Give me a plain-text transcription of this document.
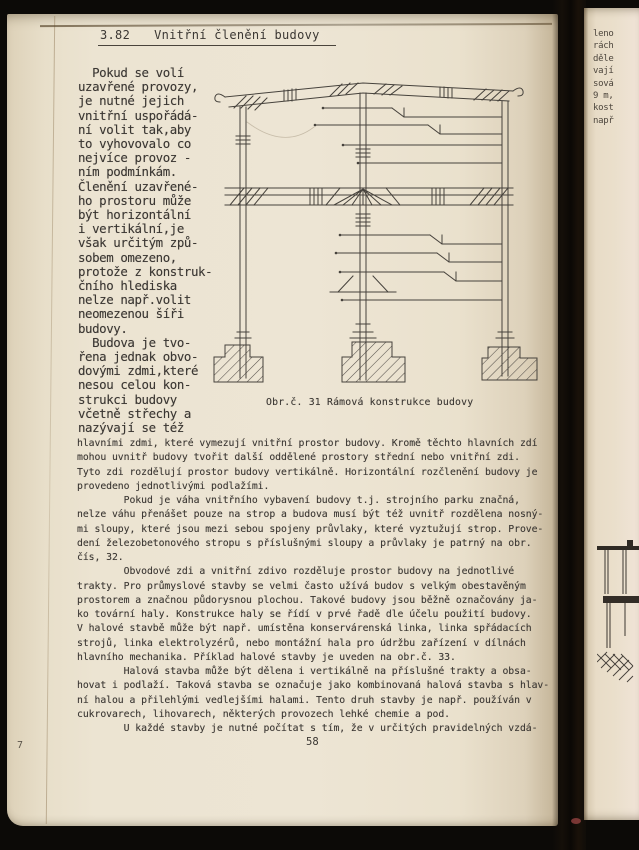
3.82 Vnitřní členění budovy
Pokud se volí
uzavřené provozy,
je nutné jejich
vnitřní uspořádá-
ní volit tak,aby
to vyhovovalo co
nejvíce provoz -
ním podmínkám.
Členění uzavřené-
ho prostoru může
být horizontální
i vertikální,je
však určitým způ-
sobem omezeno,
protože z konstruk-
čního hlediska
nelze např.volit
neomezenou šíři
budovy.
Budova je tvo-
řena jednak obvo-
dovými zdmi,které
nesou celou kon-
strukci budovy
včetně střechy a
nazývají se též
Obr.č. 31 Rámová konstrukce budovy
hlavními zdmi, které vymezují vnitřní prostor budovy. Kromě těchto hlavních zdí
mohou uvnitř budovy tvořit další oddělené prostory střední nebo vnitřní zdi.
Tyto zdi rozdělují prostor budovy vertikálně. Horizontální rozčlenění budovy je
provedeno jednotlivými podlažími.
Pokud je váha vnitřního vybavení budovy t.j. strojního parku značná,
nelze váhu přenášet pouze na strop a budova musí být též uvnitř rozdělena nosný-
mi sloupy, které jsou mezi sebou spojeny průvlaky, které vyztužují strop. Prove-
dení železobetonového stropu s příslušnými sloupy a průvlaky je patrný na obr.
čís, 32.
Obvodové zdi a vnitřní zdivo rozděluje prostor budovy na jednotlivé
trakty. Pro průmyslové stavby se velmi často užívá budov s velkým obestavěným
prostorem a značnou půdorysnou plochou. Takové budovy jsou běžně označovány ja-
ko tovární haly. Konstrukce haly se řídí v prvé řadě dle účelu použití budovy.
V halové stavbě může být např. umístěna konservárenská linka, linka spřádacích
strojů, linka elektrolyzérů, nebo montážní hala pro údržbu zařízení v dílnách
hlavního mechanika. Příklad halové stavby je uveden na obr.č. 33.
Halová stavba může být dělena i vertikálně na příslušné trakty a obsa-
hovat i podlaží. Taková stavba se označuje jako kombinovaná halová stavba s hlav-
ní halou a přilehlými vedlejšími halami. Tento druh stavby je např. používán v
cukrovarech, lihovarech, některých provozech lehké chemie a pod.
U každé stavby je nutné počítat s tím, že v určitých pravidelných vzdá-
58
7
leno
rách
děle
vají
sová
9 m,
kost
např
